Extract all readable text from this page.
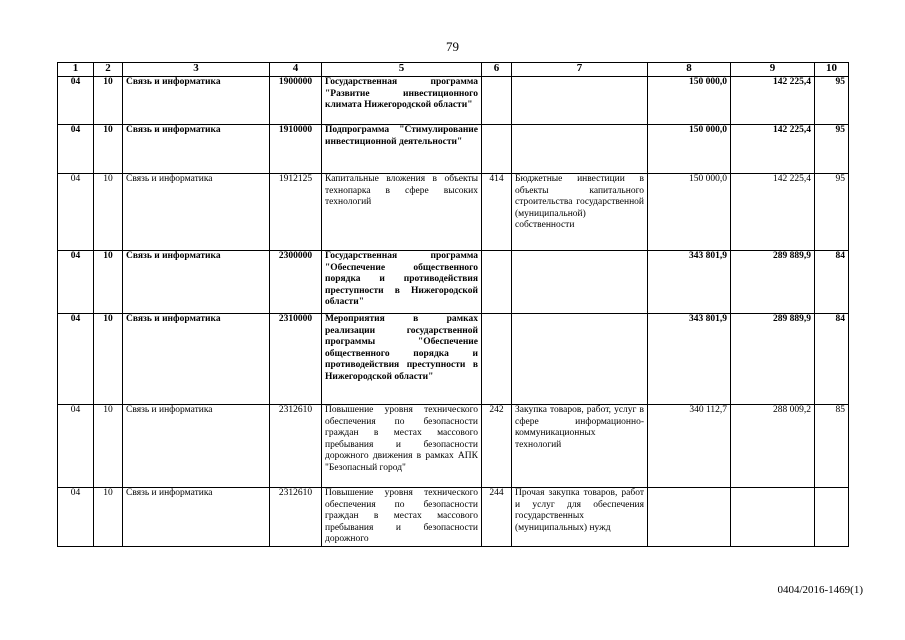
79
1	2	3	4	5	6	7	8	9	10
04	10	Связь и информатика	1900000	Государственная программа "Развитие инвестиционного климата Нижегородской области"			150 000,0	142 225,4	95
04	10	Связь и информатика	1910000	Подпрограмма "Стимулирование инвестиционной деятельности"			150 000,0	142 225,4	95
04	10	Связь и информатика	1912125	Капитальные вложения в объекты технопарка в сфере высоких технологий	414	Бюджетные инвестиции в объекты капитального строительства государственной (муниципальной) собственности	150 000,0	142 225,4	95
04	10	Связь и информатика	2300000	Государственная программа "Обеспечение общественного порядка и противодействия преступности в Нижегородской области"			343 801,9	289 889,9	84
04	10	Связь и информатика	2310000	Мероприятия в рамках реализации государственной программы "Обеспечение общественного порядка и противодействия преступности в Нижегородской области"			343 801,9	289 889,9	84
04	10	Связь и информатика	2312610	Повышение уровня технического обеспечения по безопасности граждан в местах массового пребывания и безопасности дорожного движения в рамках АПК "Безопасный город"	242	Закупка товаров, работ, услуг в сфере информационно-коммуникационных технологий	340 112,7	288 009,2	85
04	10	Связь и информатика	2312610	Повышение уровня технического обеспечения по безопасности граждан в местах массового пребывания и безопасности дорожного	244	Прочая закупка товаров, работ и услуг для обеспечения государственных (муниципальных) нужд			
0404/2016-1469(1)
